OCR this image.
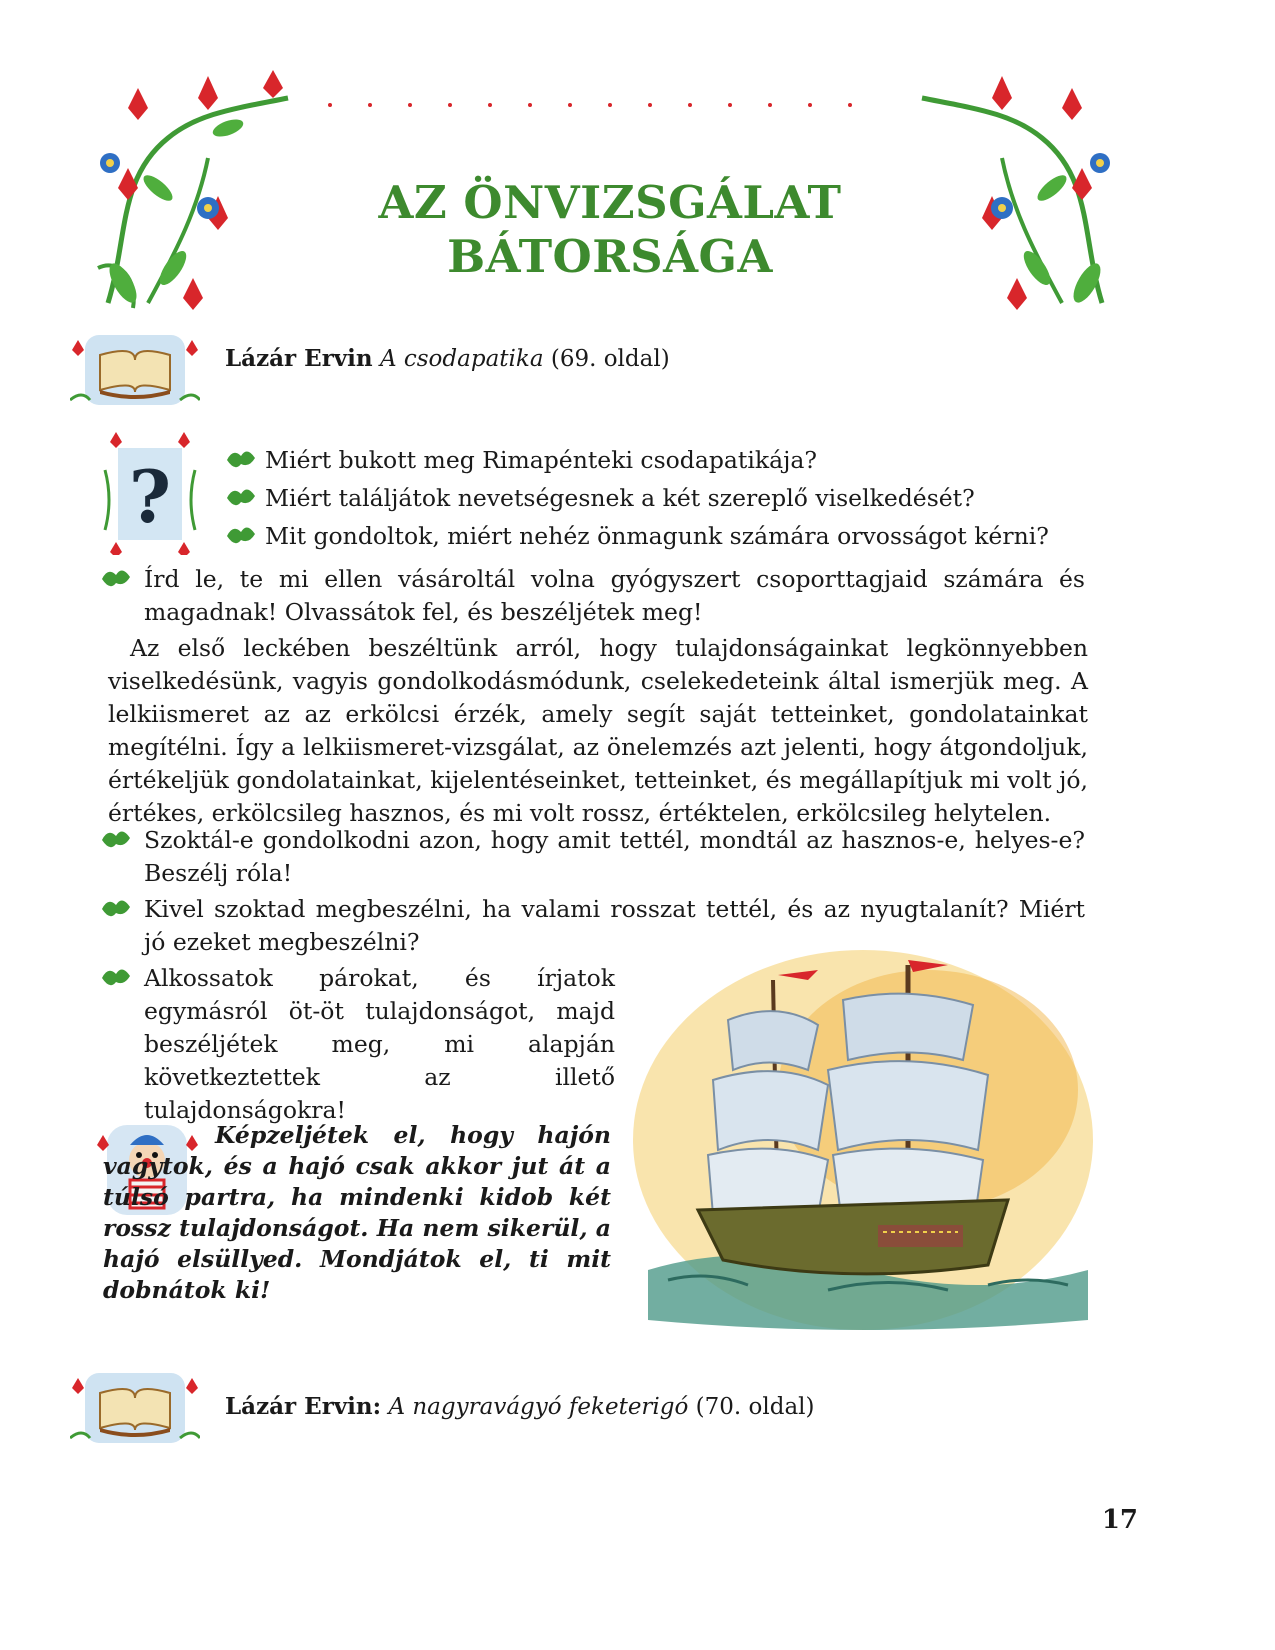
AZ ÖNVIZSGÁLAT
BÁTORSÁGA
Lázár Ervin A csodapatika (69. oldal)
?	Miért bukott meg Rimapénteki csodapatikája?
Miért találjátok nevetségesnek a két szereplő viselkedését?
Mit gondoltok, miért nehéz önmagunk számára orvosságot kérni?
Írd le, te mi ellen vásároltál volna gyógyszert csoporttagjaid számára és magadnak! Olvassátok fel, és beszéljétek meg!
Az első leckében beszéltünk arról, hogy tulajdonságainkat legkönnyebben viselkedésünk, vagyis gondolkodásmódunk, cselekedeteink által ismerjük meg. A lelkiismeret az az erkölcsi érzék, amely segít saját tetteinket, gondolatainkat megítélni. Így a lelkiismeret-vizsgálat, az önelemzés azt jelenti, hogy átgondoljuk, értékeljük gondolatainkat, kijelentéseinket, tetteinket, és megállapítjuk mi volt jó, értékes, erkölcsileg hasznos, és mi volt rossz, értéktelen, erkölcsileg helytelen.
Szoktál-e gondolkodni azon, hogy amit tettél, mondtál az hasznos-e, helyes-e? Beszélj róla!
Kivel szoktad megbeszélni, ha valami rosszat tettél, és az nyugtalanít? Miért jó ezeket megbeszélni?
Alkossatok párokat, és írjatok egymásról öt-öt tulajdonságot, majd beszéljétek meg, mi alapján következtettek az illető tulajdonságokra!
Képzeljétek el, hogy hajón vagytok, és a hajó csak akkor jut át a túlsó partra, ha mindenki kidob két rossz tulajdonságot. Ha nem sikerül, a hajó elsüllyed. Mondjátok el, ti mit dobnátok ki!
Lázár Ervin: A nagyravágyó feketerigó (70. oldal)
17
